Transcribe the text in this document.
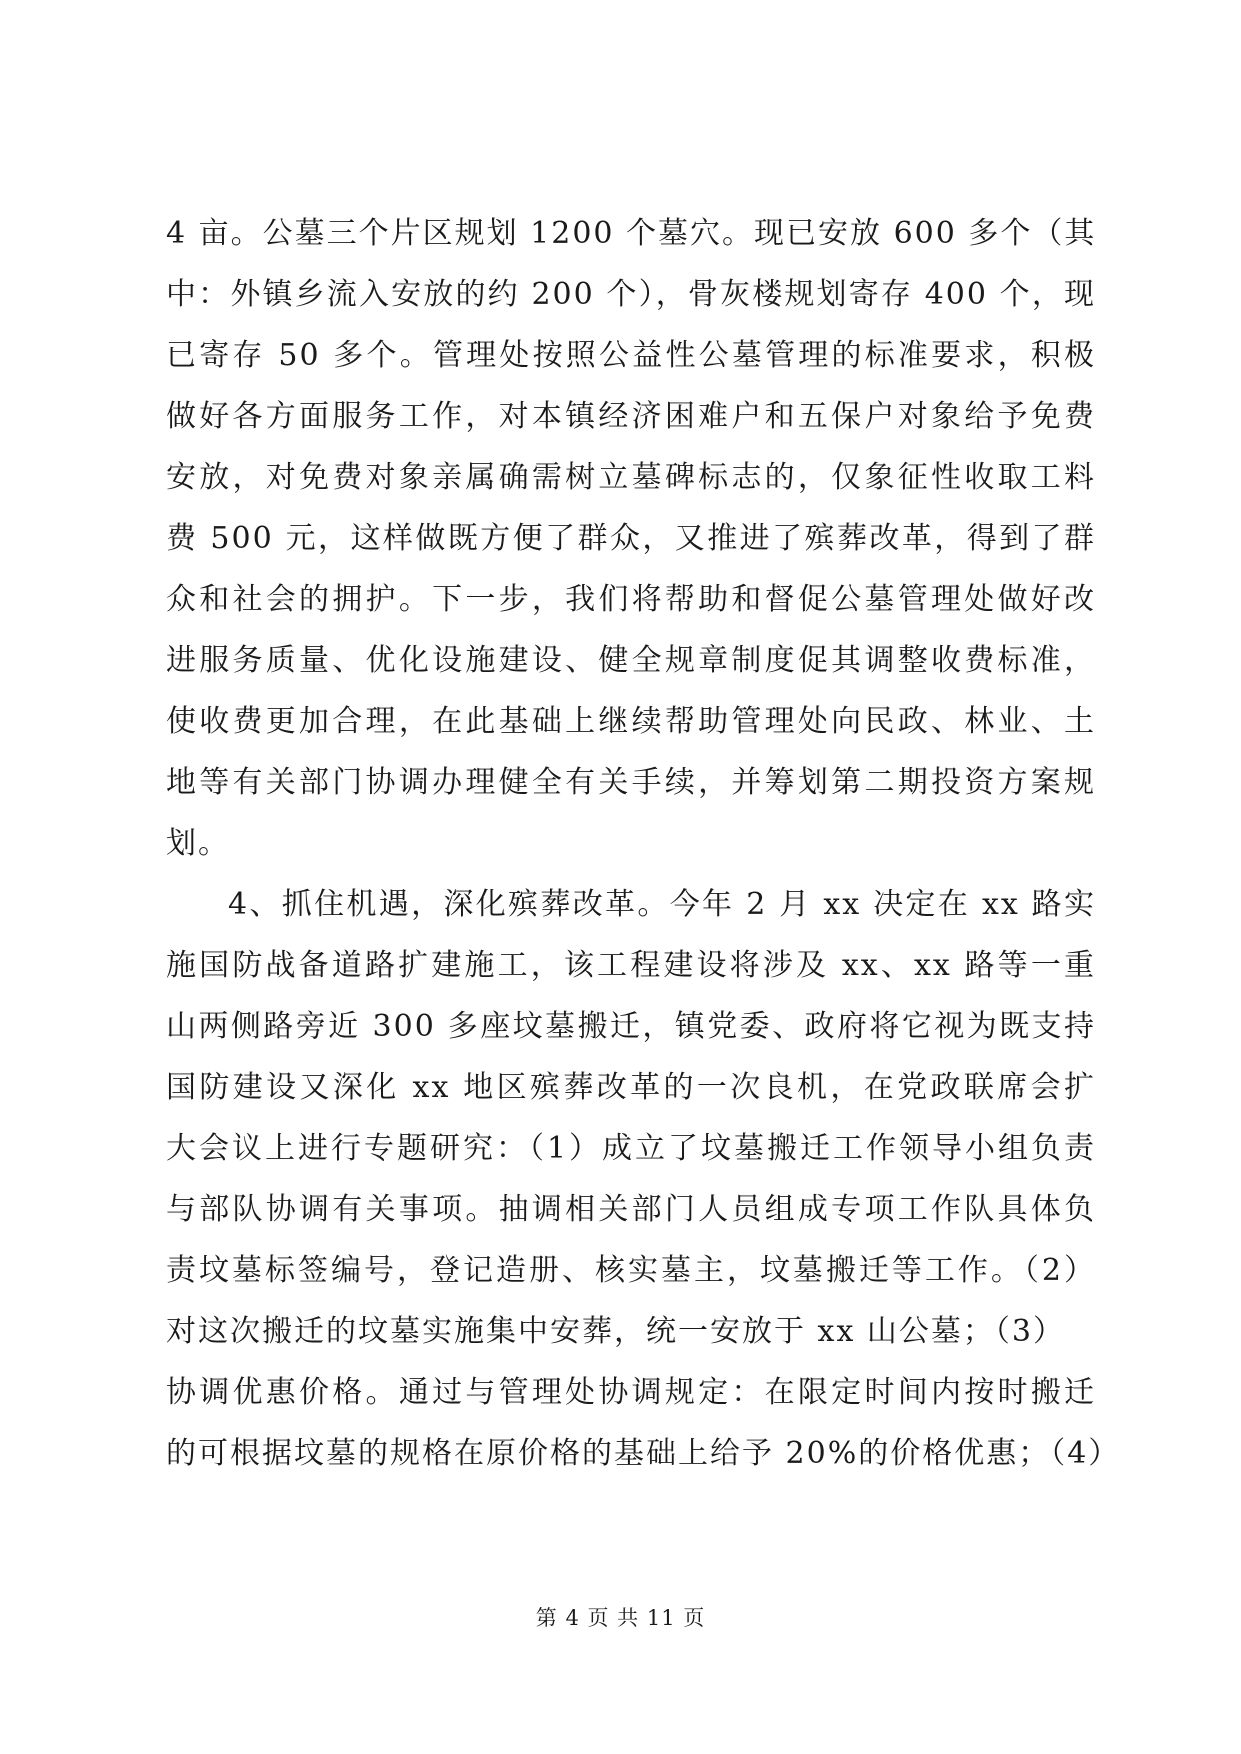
4 亩。公墓三个片区规划 1200 个墓穴。现已安放 600 多个（其
中：外镇乡流入安放的约 200 个），骨灰楼规划寄存 400 个，现
已寄存 50 多个。管理处按照公益性公墓管理的标准要求，积极
做好各方面服务工作，对本镇经济困难户和五保户对象给予免费
安放，对免费对象亲属确需树立墓碑标志的，仅象征性收取工料
费 500 元，这样做既方便了群众，又推进了殡葬改革，得到了群
众和社会的拥护。下一步，我们将帮助和督促公墓管理处做好改
进服务质量、优化设施建设、健全规章制度促其调整收费标准，
使收费更加合理，在此基础上继续帮助管理处向民政、林业、土
地等有关部门协调办理健全有关手续，并筹划第二期投资方案规
划。
4、抓住机遇，深化殡葬改革。今年 2 月 xx 决定在 xx 路实
施国防战备道路扩建施工，该工程建设将涉及 xx、xx 路等一重
山两侧路旁近 300 多座坟墓搬迁，镇党委、政府将它视为既支持
国防建设又深化 xx 地区殡葬改革的一次良机，在党政联席会扩
大会议上进行专题研究：（1）成立了坟墓搬迁工作领导小组负责
与部队协调有关事项。抽调相关部门人员组成专项工作队具体负
责坟墓标签编号，登记造册、核实墓主，坟墓搬迁等工作。（2）
对这次搬迁的坟墓实施集中安葬，统一安放于 xx 山公墓；（3）
协调优惠价格。通过与管理处协调规定：在限定时间内按时搬迁
的可根据坟墓的规格在原价格的基础上给予 20%的价格优惠；（4）
第 4 页 共 11 页
